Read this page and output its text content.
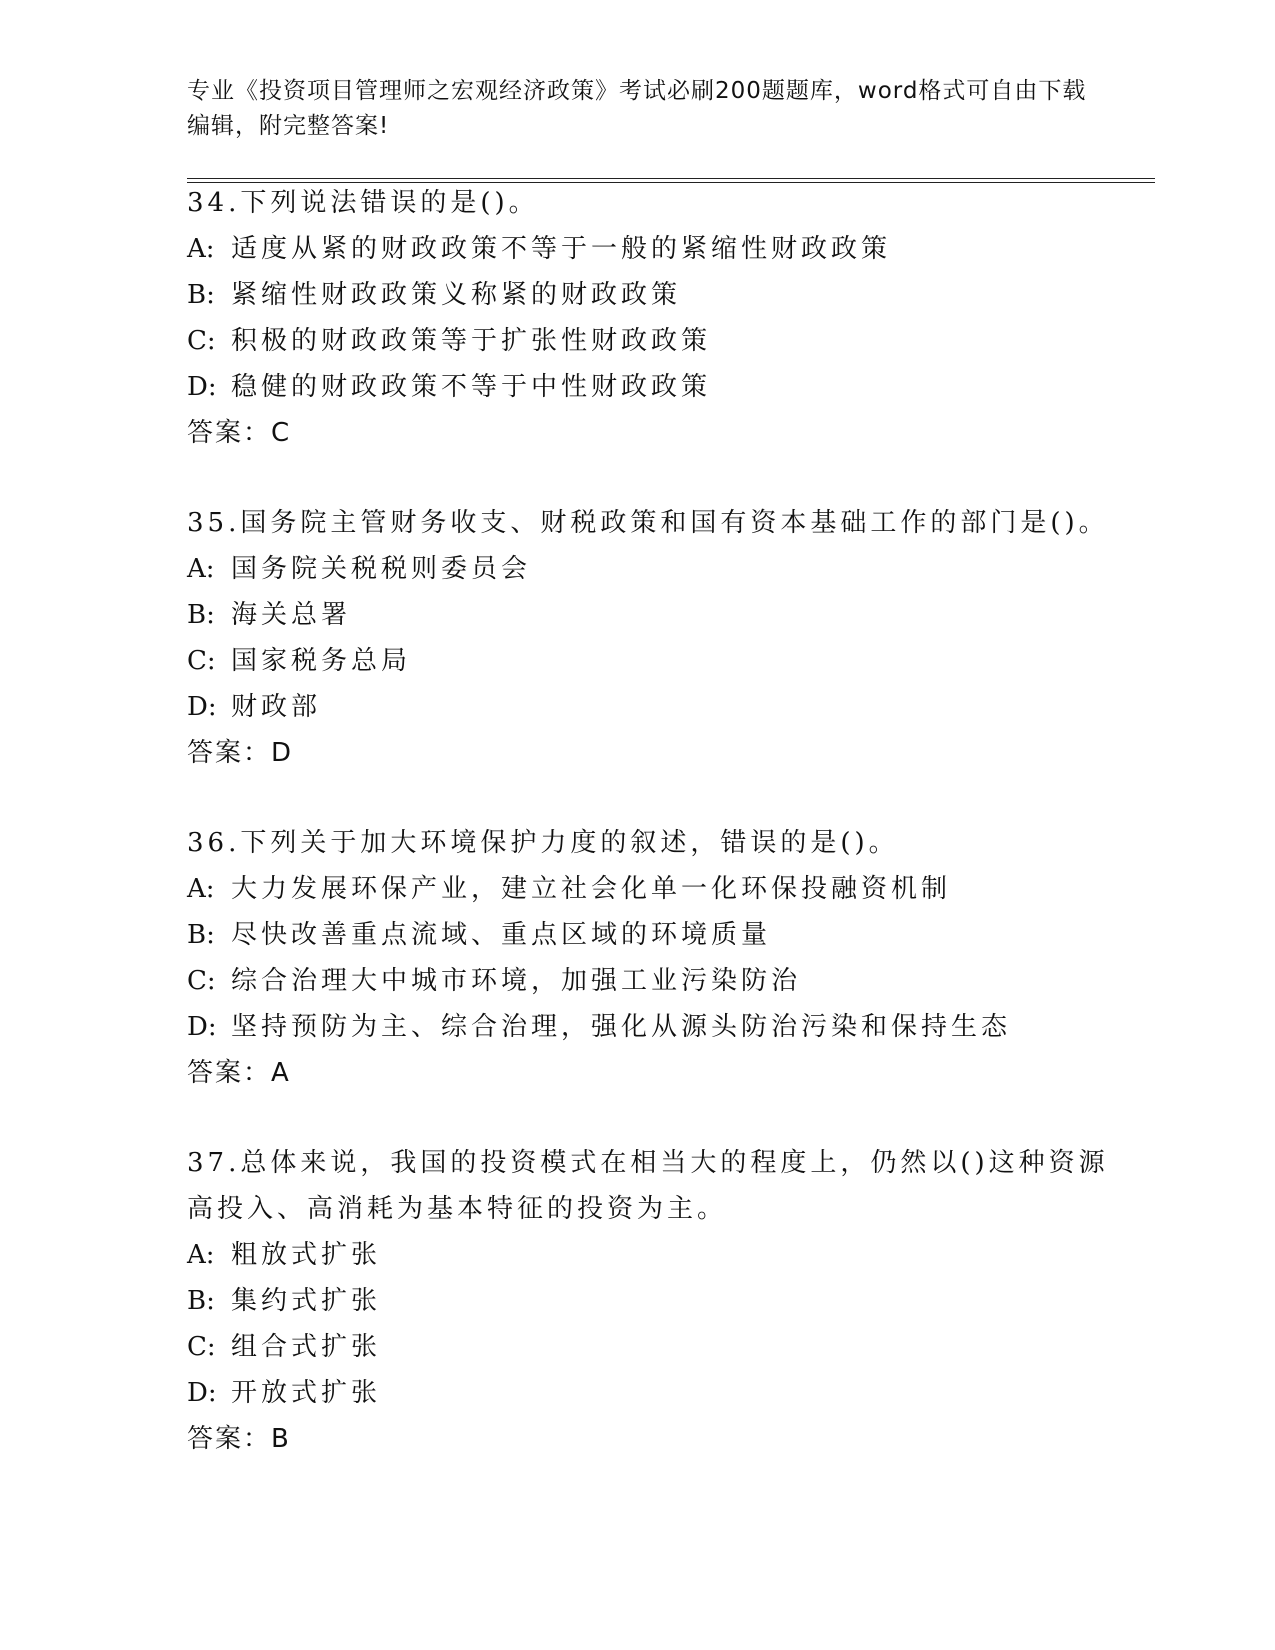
专业《投资项目管理师之宏观经济政策》考试必刷200题题库，word格式可自由下载编辑，附完整答案!
34.下列说法错误的是()。
A: 适度从紧的财政政策不等于一般的紧缩性财政政策
B: 紧缩性财政政策义称紧的财政政策
C: 积极的财政政策等于扩张性财政政策
D: 稳健的财政政策不等于中性财政政策
答案：C
35.国务院主管财务收支、财税政策和国有资本基础工作的部门是()。
A: 国务院关税税则委员会
B: 海关总署
C: 国家税务总局
D: 财政部
答案：D
36.下列关于加大环境保护力度的叙述，错误的是()。
A: 大力发展环保产业，建立社会化单一化环保投融资机制
B: 尽快改善重点流域、重点区域的环境质量
C: 综合治理大中城市环境，加强工业污染防治
D: 坚持预防为主、综合治理，强化从源头防治污染和保持生态
答案：A
37.总体来说，我国的投资模式在相当大的程度上，仍然以()这种资源
高投入、高消耗为基本特征的投资为主。
A: 粗放式扩张
B: 集约式扩张
C: 组合式扩张
D: 开放式扩张
答案：B
